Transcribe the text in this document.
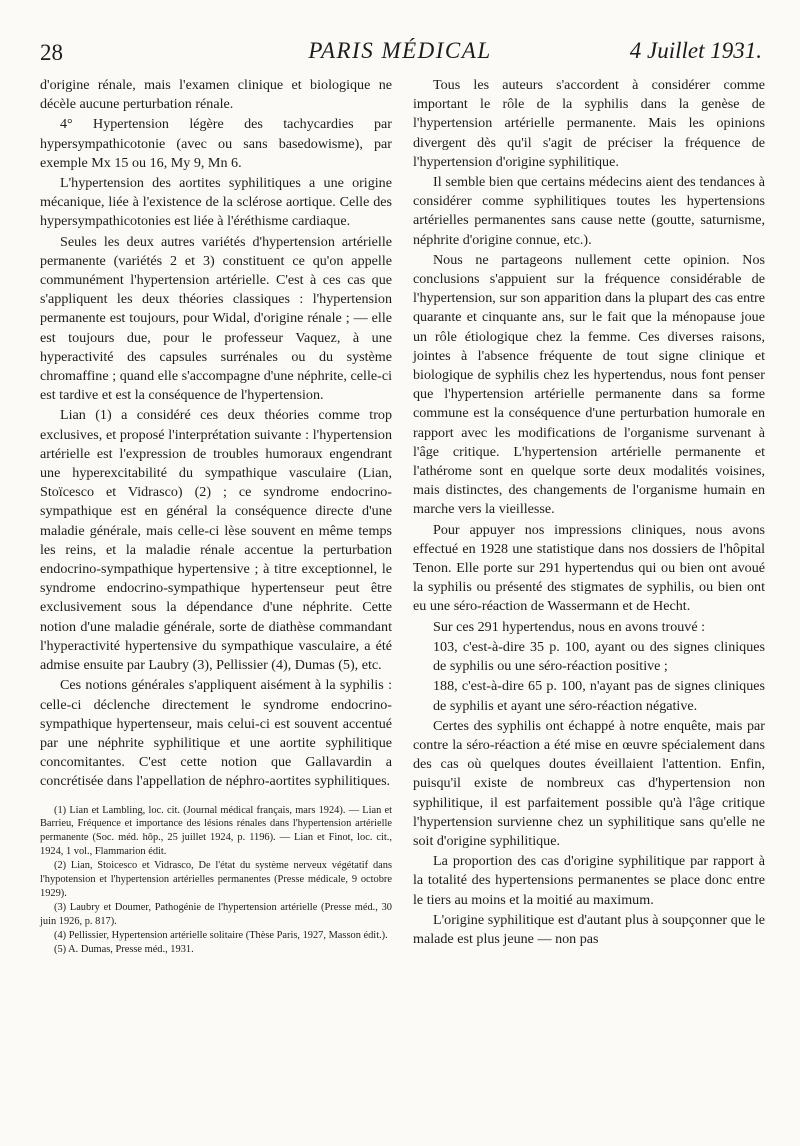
28	PARIS MÉDICAL	4 Juillet 1931.

d'origine rénale, mais l'examen clinique et biologique ne décèle aucune perturbation rénale.

4° Hypertension légère des tachycardies par hypersympathicotonie (avec ou sans basedowisme), par exemple Mx 15 ou 16, My 9, Mn 6.

L'hypertension des aortites syphilitiques a une origine mécanique, liée à l'existence de la sclérose aortique. Celle des hypersympathicotonies est liée à l'éréthisme cardiaque.

Seules les deux autres variétés d'hypertension artérielle permanente (variétés 2 et 3) constituent ce qu'on appelle communément l'hypertension artérielle. C'est à ces cas que s'appliquent les deux théories classiques : l'hypertension permanente est toujours, pour Widal, d'origine rénale ; — elle est toujours due, pour le professeur Vaquez, à une hyperactivité des capsules surrénales ou du système chromaffine ; quand elle s'accompagne d'une néphrite, celle-ci est tardive et est la conséquence de l'hypertension.

Lian (1) a considéré ces deux théories comme trop exclusives, et proposé l'interprétation suivante : l'hypertension artérielle est l'expression de troubles humoraux engendrant une hyperexcitabilité du sympathique vasculaire (Lian, Stoïcesco et Vidrasco) (2) ; ce syndrome endocrino-sympathique est en général la conséquence directe d'une maladie générale, mais celle-ci lèse souvent en même temps les reins, et la maladie rénale accentue la perturbation endocrino-sympathique hypertensive ; à titre exceptionnel, le syndrome endocrino-sympathique hypertenseur peut être exclusivement sous la dépendance d'une néphrite. Cette notion d'une maladie générale, sorte de diathèse commandant l'hyperactivité hypertensive du sympathique vasculaire, a été admise ensuite par Laubry (3), Pellissier (4), Dumas (5), etc.

Ces notions générales s'appliquent aisément à la syphilis : celle-ci déclenche directement le syndrome endocrino-sympathique hypertenseur, mais celui-ci est souvent accentué par une néphrite syphilitique et une aortite syphilitique concomitantes. C'est cette notion que Gallavardin a concrétisée dans l'appellation de néphro-aortites syphilitiques.

(1) Lian et Lambling, loc. cit. (Journal médical français, mars 1924). — Lian et Barrieu, Fréquence et importance des lésions rénales dans l'hypertension artérielle permanente (Soc. méd. hôp., 25 juillet 1924, p. 1196). — Lian et Finot, loc. cit., 1924, 1 vol., Flammarion édit.

(2) Lian, Stoicesco et Vidrasco, De l'état du système nerveux végétatif dans l'hypotension et l'hypertension artérielles permanentes (Presse médicale, 9 octobre 1929).

(3) Laubry et Doumer, Pathogénie de l'hypertension artérielle (Presse méd., 30 juin 1926, p. 817).

(4) Pellissier, Hypertension artérielle solitaire (Thèse Paris, 1927, Masson édit.).

(5) A. Dumas, Presse méd., 1931.

Tous les auteurs s'accordent à considérer comme important le rôle de la syphilis dans la genèse de l'hypertension artérielle permanente. Mais les opinions divergent dès qu'il s'agit de préciser la fréquence de l'hypertension d'origine syphilitique.

Il semble bien que certains médecins aient des tendances à considérer comme syphilitiques toutes les hypertensions artérielles permanentes sans cause nette (goutte, saturnisme, néphrite d'origine connue, etc.).

Nous ne partageons nullement cette opinion. Nos conclusions s'appuient sur la fréquence considérable de l'hypertension, sur son apparition dans la plupart des cas entre quarante et cinquante ans, sur le fait que la ménopause joue un rôle étiologique chez la femme. Ces diverses raisons, jointes à l'absence fréquente de tout signe clinique et biologique de syphilis chez les hypertendus, nous font penser que l'hypertension artérielle permanente dans sa forme commune est la conséquence d'une perturbation humorale en rapport avec les modifications de l'organisme survenant à l'âge critique. L'hypertension artérielle permanente et l'athérome sont en quelque sorte deux modalités voisines, mais distinctes, des changements de l'organisme humain en marche vers la vieillesse.

Pour appuyer nos impressions cliniques, nous avons effectué en 1928 une statistique dans nos dossiers de l'hôpital Tenon. Elle porte sur 291 hypertendus qui ou bien ont avoué la syphilis ou présenté des stigmates de syphilis, ou bien ont eu une séro-réaction de Wassermann et de Hecht.

Sur ces 291 hypertendus, nous en avons trouvé :

103, c'est-à-dire 35 p. 100, ayant ou des signes cliniques de syphilis ou une séro-réaction positive ;

188, c'est-à-dire 65 p. 100, n'ayant pas de signes cliniques de syphilis et ayant une séro-réaction négative.

Certes des syphilis ont échappé à notre enquête, mais par contre la séro-réaction a été mise en œuvre spécialement dans des cas où quelques doutes éveillaient l'attention. Enfin, puisqu'il existe de nombreux cas d'hypertension non syphilitique, il est parfaitement possible qu'à l'âge critique l'hypertension survienne chez un syphilitique sans qu'elle ne soit d'origine syphilitique.

La proportion des cas d'origine syphilitique par rapport à la totalité des hypertensions permanentes se place donc entre le tiers au moins et la moitié au maximum.

L'origine syphilitique est d'autant plus à soupçonner que le malade est plus jeune — non pas
